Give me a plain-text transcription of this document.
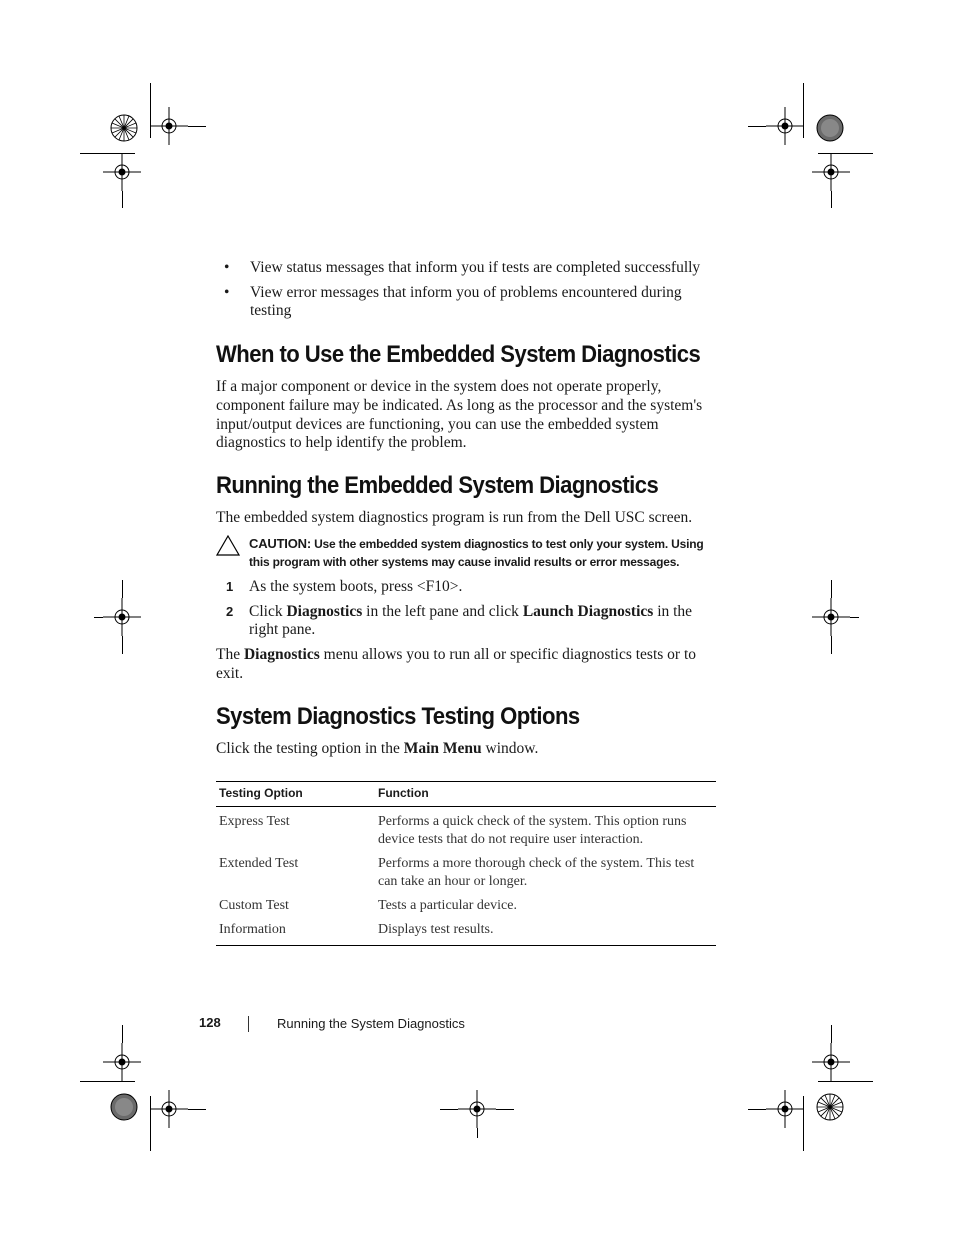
• View status messages that inform you if tests are completed successfully
• View error messages that inform you of problems encountered during testing
When to Use the Embedded System Diagnostics

If a major component or device in the system does not operate properly, component failure may be indicated. As long as the processor and the system's input/output devices are functioning, you can use the embedded system diagnostics to help identify the problem.

Running the Embedded System Diagnostics

The embedded system diagnostics program is run from the Dell USC screen.

CAUTION: Use the embedded system diagnostics to test only your system. Using this program with other systems may cause invalid results or error messages.
1 As the system boots, press <F10>.
2 Click Diagnostics in the left pane and click Launch Diagnostics in the right pane.

The Diagnostics menu allows you to run all or specific diagnostics tests or to exit.

System Diagnostics Testing Options

Click the testing option in the Main Menu window.

Testing Option	Function
Express Test	Performs a quick check of the system. This option runs device tests that do not require user interaction.
Extended Test	Performs a more thorough check of the system. This test can take an hour or longer.
Custom Test	Tests a particular device.
Information	Displays test results.
128	Running the System Diagnostics
